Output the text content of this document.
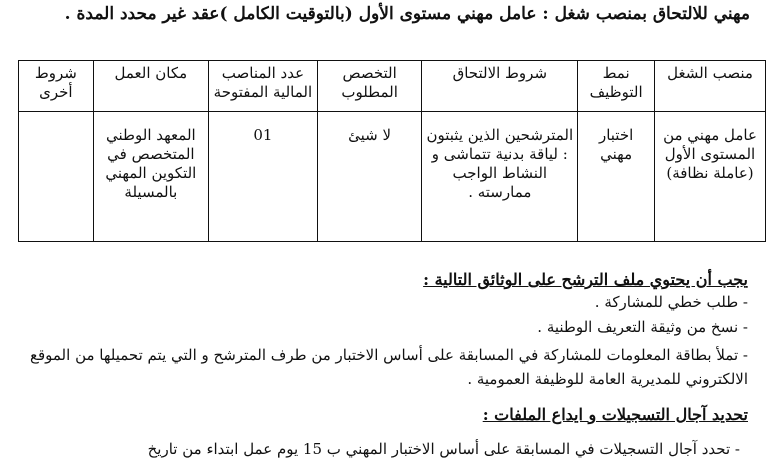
مهني للالتحاق بمنصب شغل : عامل مهني مستوى الأول (بالتوقيت الكامل )عقد غير محدد المدة .
منصب الشغل	نمط التوظيف	شروط الالتحاق	التخصص المطلوب	عدد المناصب المالية المفتوحة	مكان العمل	شروط أخرى
عامل مهني من المستوى الأول (عاملة نظافة)	اختبار مهني	المترشحين الذين يثبتون : لياقة بدنية تتماشى و النشاط الواجب ممارسته .	لا شيئ	01	المعهد الوطني المتخصص في التكوين المهني بالمسيلة	
يجب أن يحتوي ملف الترشح على الوثائق التالية :
- طلب خطي للمشاركة .
- نسخ من وثيقة التعريف الوطنية .
- تملأ بطاقة المعلومات للمشاركة في المسابقة على أساس الاختبار من طرف المترشح و التي يتم تحميلها من الموقع الالكتروني للمديرية العامة للوظيفة العمومية .
تحديد آجال التسجيلات و ايداع الملفات :
- تحدد آجال التسجيلات في المسابقة على أساس الاختبار المهني ب 15 يوم عمل ابتداء من تاريخ
